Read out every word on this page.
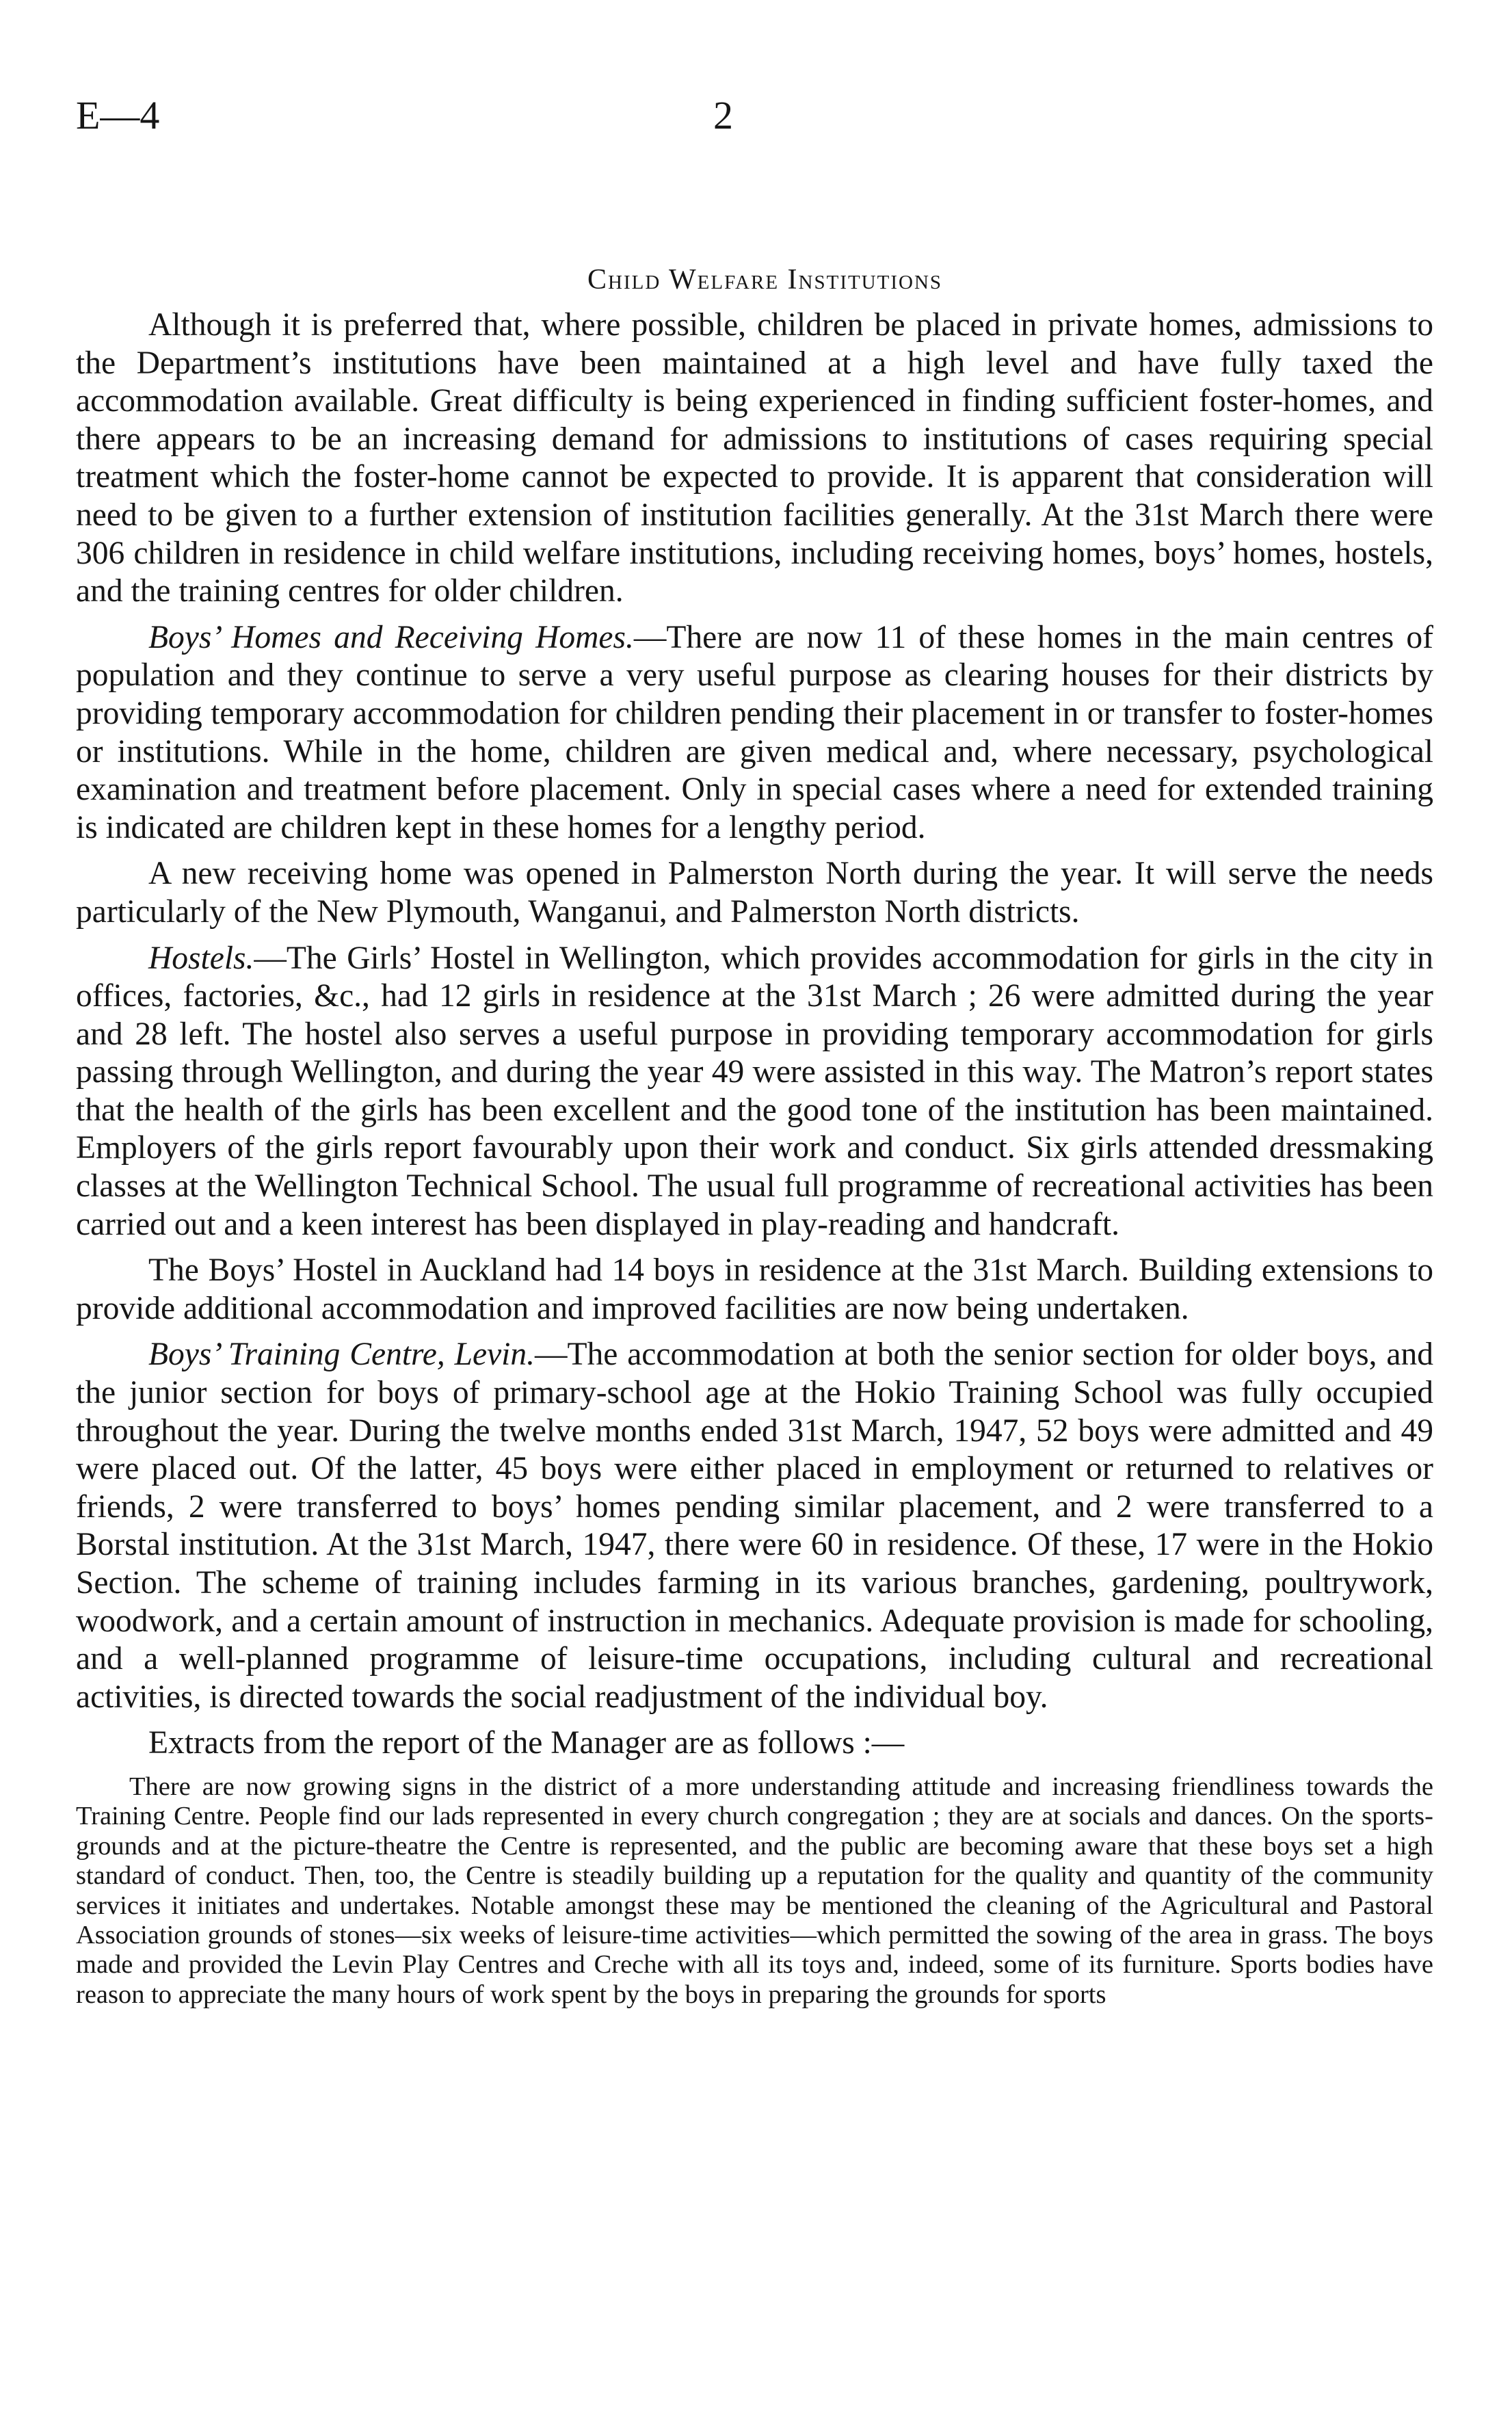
E—4	2
Child Welfare Institutions

Although it is preferred that, where possible, children be placed in private homes, admissions to the Department’s institutions have been maintained at a high level and have fully taxed the accommodation available. Great difficulty is being experienced in finding sufficient foster-homes, and there appears to be an increasing demand for admissions to institutions of cases requiring special treatment which the foster-home cannot be expected to provide. It is apparent that consideration will need to be given to a further extension of institution facilities generally. At the 31st March there were 306 children in residence in child welfare institutions, including receiving homes, boys’ homes, hostels, and the training centres for older children.

Boys’ Homes and Receiving Homes.—There are now 11 of these homes in the main centres of population and they continue to serve a very useful purpose as clearing houses for their districts by providing temporary accommodation for children pending their placement in or transfer to foster-homes or institutions. While in the home, children are given medical and, where necessary, psychological examination and treatment before placement. Only in special cases where a need for extended training is indicated are children kept in these homes for a lengthy period.

A new receiving home was opened in Palmerston North during the year. It will serve the needs particularly of the New Plymouth, Wanganui, and Palmerston North districts.

Hostels.—The Girls’ Hostel in Wellington, which provides accommodation for girls in the city in offices, factories, &c., had 12 girls in residence at the 31st March ; 26 were admitted during the year and 28 left. The hostel also serves a useful purpose in providing temporary accommodation for girls passing through Wellington, and during the year 49 were assisted in this way. The Matron’s report states that the health of the girls has been excellent and the good tone of the institution has been maintained. Employers of the girls report favourably upon their work and conduct. Six girls attended dressmaking classes at the Wellington Technical School. The usual full programme of recreational activities has been carried out and a keen interest has been displayed in play-reading and handcraft.

The Boys’ Hostel in Auckland had 14 boys in residence at the 31st March. Building extensions to provide additional accommodation and improved facilities are now being undertaken.

Boys’ Training Centre, Levin.—The accommodation at both the senior section for older boys, and the junior section for boys of primary-school age at the Hokio Training School was fully occupied throughout the year. During the twelve months ended 31st March, 1947, 52 boys were admitted and 49 were placed out. Of the latter, 45 boys were either placed in employment or returned to relatives or friends, 2 were transferred to boys’ homes pending similar placement, and 2 were transferred to a Borstal institution. At the 31st March, 1947, there were 60 in residence. Of these, 17 were in the Hokio Section. The scheme of training includes farming in its various branches, gardening, poultrywork, woodwork, and a certain amount of instruction in mechanics. Adequate provision is made for schooling, and a well-planned programme of leisure-time occupations, including cultural and recreational activities, is directed towards the social readjustment of the individual boy.

Extracts from the report of the Manager are as follows :—

There are now growing signs in the district of a more understanding attitude and increasing friendliness towards the Training Centre. People find our lads represented in every church congregation ; they are at socials and dances. On the sports-grounds and at the picture-theatre the Centre is represented, and the public are becoming aware that these boys set a high standard of conduct. Then, too, the Centre is steadily building up a reputation for the quality and quantity of the community services it initiates and undertakes. Notable amongst these may be mentioned the cleaning of the Agricultural and Pastoral Association grounds of stones—six weeks of leisure-time activities—which permitted the sowing of the area in grass. The boys made and provided the Levin Play Centres and Creche with all its toys and, indeed, some of its furniture. Sports bodies have reason to appreciate the many hours of work spent by the boys in preparing the grounds for sports
